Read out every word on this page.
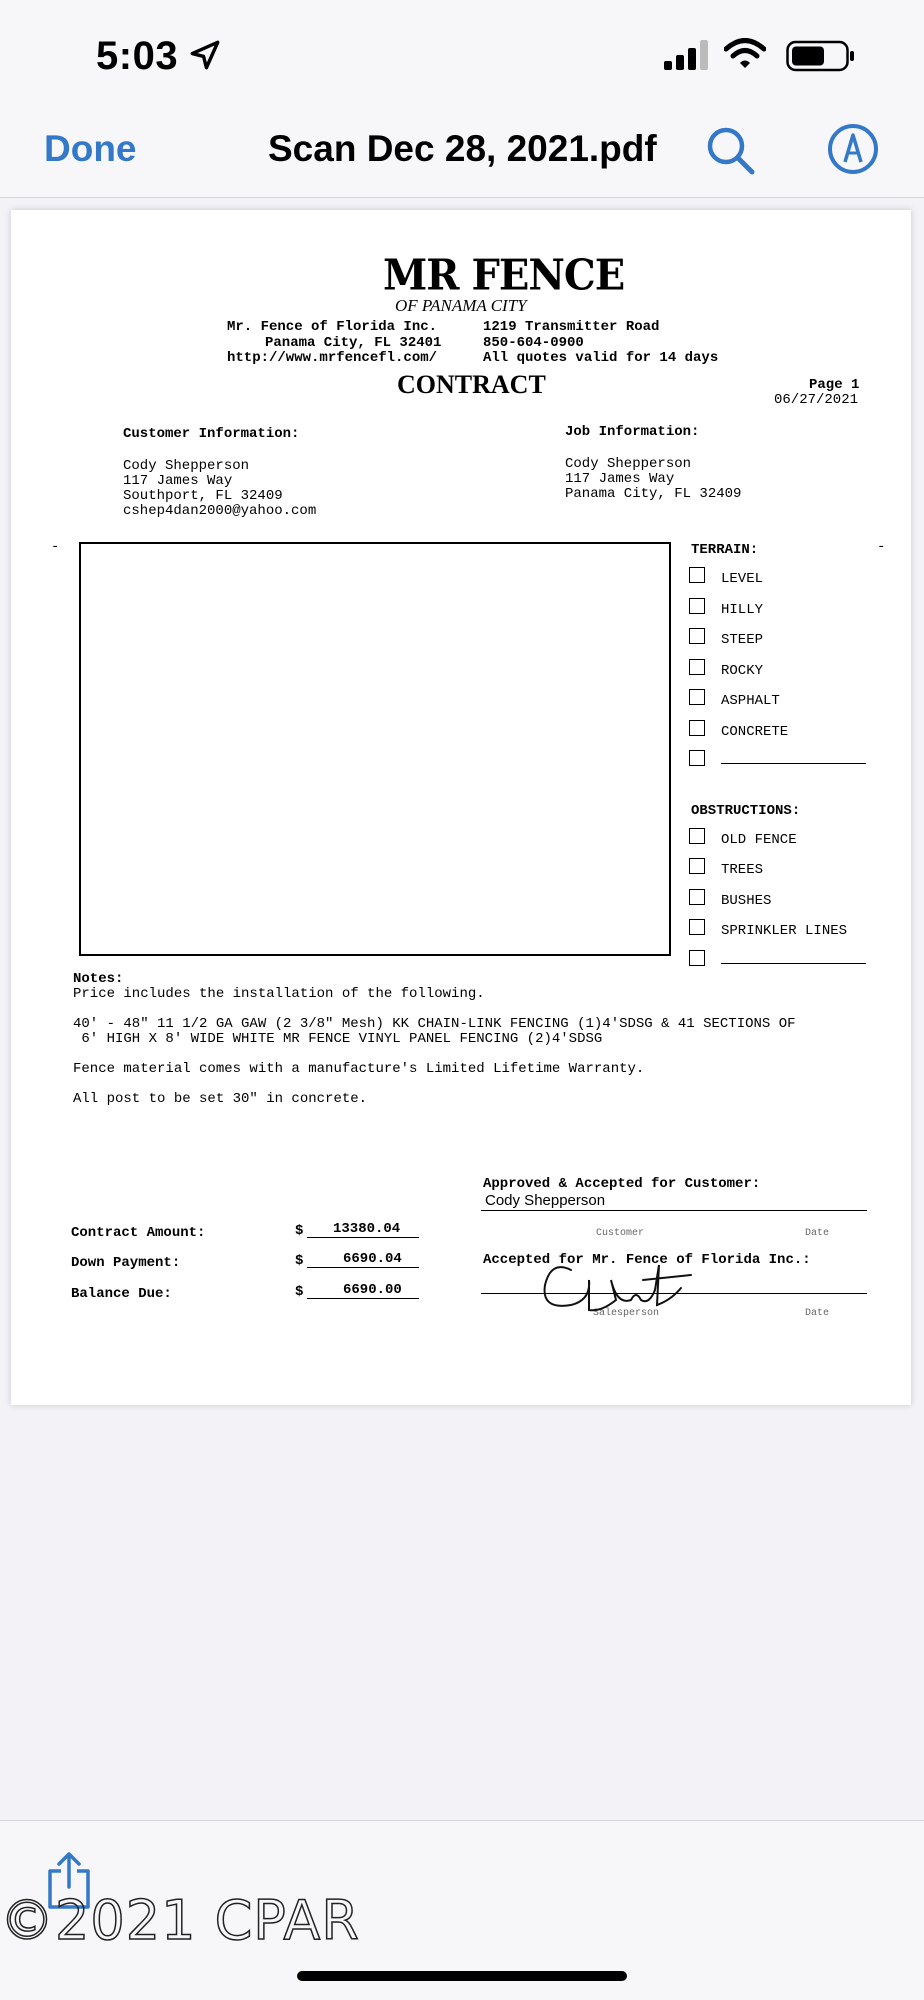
5:03
Done	Scan Dec 28, 2021.pdf
MR FENCE
OF PANAMA CITY
Mr. Fence of Florida Inc.
Panama City, FL 32401
http://www.mrfencefl.com/
1219 Transmitter Road
850-604-0900
All quotes valid for 14 days
CONTRACT	Page 1
06/27/2021
Customer Information:
Cody Shepperson
117 James Way
Southport, FL 32409
cshep4dan2000@yahoo.com
Job Information:
Cody Shepperson
117 James Way
Panama City, FL 32409
-	-
TERRAIN:
LEVEL
HILLY
STEEP
ROCKY
ASPHALT
CONCRETE
OBSTRUCTIONS:
OLD FENCE
TREES
BUSHES
SPRINKLER LINES
Notes:
Price includes the installation of the following.
40' - 48" 11 1/2 GA GAW (2 3/8" Mesh) KK CHAIN-LINK FENCING (1)4'SDSG & 41 SECTIONS OF
6' HIGH X 8' WIDE WHITE MR FENCE VINYL PANEL FENCING (2)4'SDSG
Fence material comes with a manufacture's Limited Lifetime Warranty.
All post to be set 30" in concrete.
Contract Amount:	$ 13380.04
Down Payment:	$	6690.04
Balance Due:	$	6690.00
Approved & Accepted for Customer:
Cody Shepperson
Customer	Date
Accepted for Mr. Fence of Florida Inc.:
Salesperson	Date
©2021 CPAR
